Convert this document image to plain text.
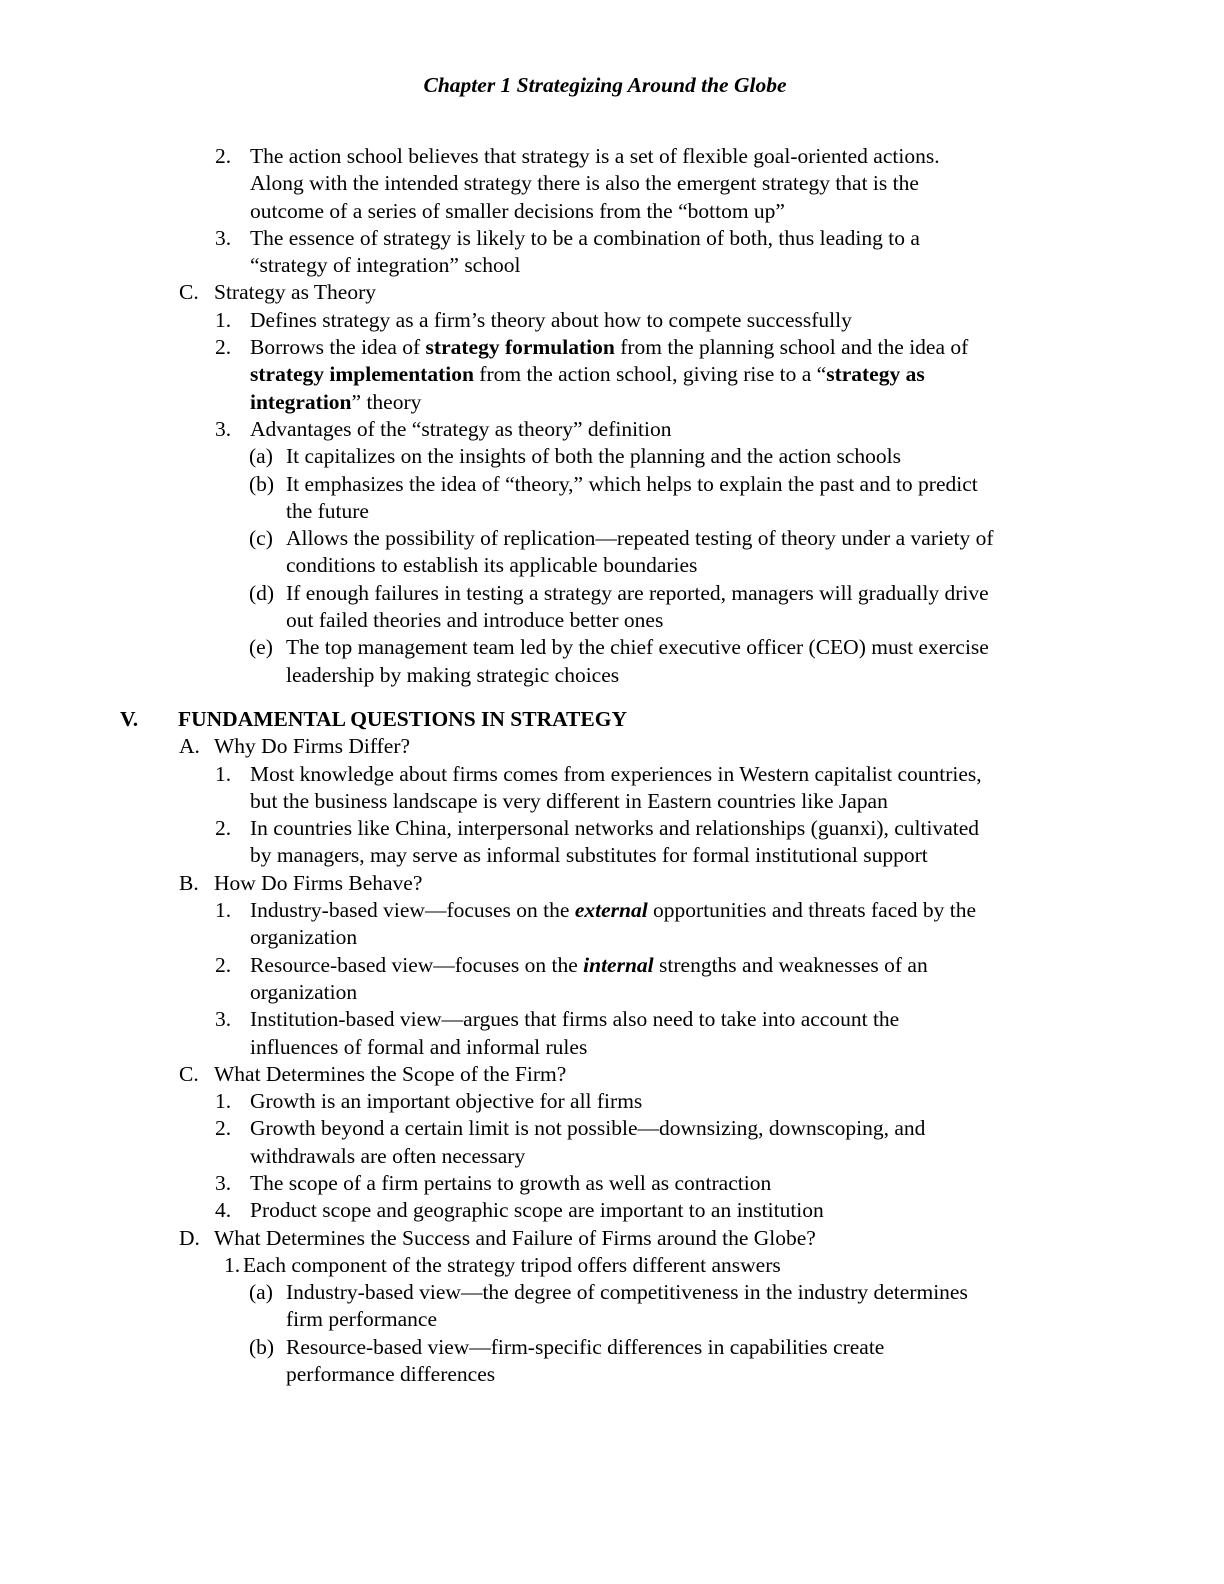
Chapter 1 Strategizing Around the Globe
2. The action school believes that strategy is a set of flexible goal-oriented actions.
Along with the intended strategy there is also the emergent strategy that is the
outcome of a series of smaller decisions from the “bottom up”
3. The essence of strategy is likely to be a combination of both, thus leading to a
“strategy of integration” school
C. Strategy as Theory
1. Defines strategy as a firm’s theory about how to compete successfully
2. Borrows the idea of strategy formulation from the planning school and the idea of
strategy implementation from the action school, giving rise to a “strategy as
integration” theory
3. Advantages of the “strategy as theory” definition
(a) It capitalizes on the insights of both the planning and the action schools
(b) It emphasizes the idea of “theory,” which helps to explain the past and to predict
the future
(c) Allows the possibility of replication—repeated testing of theory under a variety of
conditions to establish its applicable boundaries
(d) If enough failures in testing a strategy are reported, managers will gradually drive
out failed theories and introduce better ones
(e) The top management team led by the chief executive officer (CEO) must exercise
leadership by making strategic choices
V. FUNDAMENTAL QUESTIONS IN STRATEGY
A. Why Do Firms Differ?
1. Most knowledge about firms comes from experiences in Western capitalist countries,
but the business landscape is very different in Eastern countries like Japan
2. In countries like China, interpersonal networks and relationships (guanxi), cultivated
by managers, may serve as informal substitutes for formal institutional support
B. How Do Firms Behave?
1. Industry-based view—focuses on the external opportunities and threats faced by the
organization
2. Resource-based view—focuses on the internal strengths and weaknesses of an
organization
3. Institution-based view—argues that firms also need to take into account the
influences of formal and informal rules
C. What Determines the Scope of the Firm?
1. Growth is an important objective for all firms
2. Growth beyond a certain limit is not possible—downsizing, downscoping, and
withdrawals are often necessary
3. The scope of a firm pertains to growth as well as contraction
4. Product scope and geographic scope are important to an institution
D. What Determines the Success and Failure of Firms around the Globe?
1. Each component of the strategy tripod offers different answers
(a) Industry-based view—the degree of competitiveness in the industry determines
firm performance
(b) Resource-based view—firm-specific differences in capabilities create
performance differences
